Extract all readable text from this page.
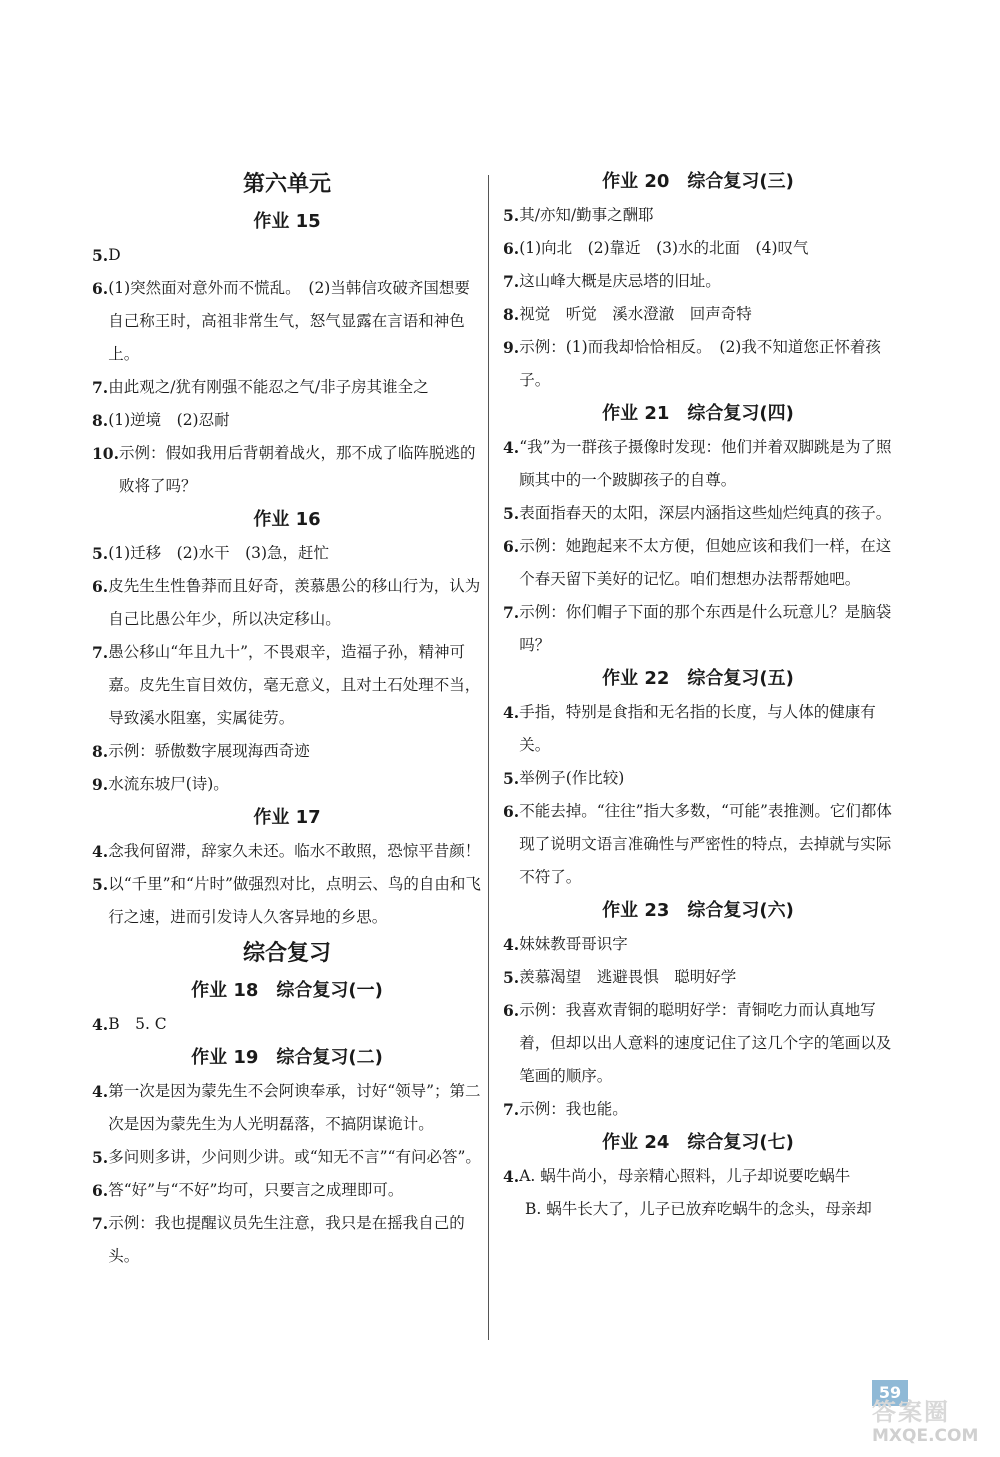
第六单元
作业 15
5. D
6. (1)突然面对意外而不慌乱。　(2)当韩信攻破齐国想要自己称王时，高祖非常生气，怒气显露在言语和神色上。
7. 由此观之/犹有刚强不能忍之气/非子房其谁全之
8. (1)逆境　(2)忍耐
10. 示例：假如我用后背朝着战火，那不成了临阵脱逃的败将了吗？
作业 16
5. (1)迁移　(2)水干　(3)急，赶忙
6. 皮先生生性鲁莽而且好奇，羡慕愚公的移山行为，认为自己比愚公年少，所以决定移山。
7. 愚公移山“年且九十”，不畏艰辛，造福子孙，精神可嘉。皮先生盲目效仿，毫无意义，且对土石处理不当，导致溪水阻塞，实属徒劳。
8. 示例：骄傲数字展现海西奇迹
9. 水流东坡尸(诗)。
作业 17
4. 念我何留滞，辞家久未还。临水不敢照，恐惊平昔颜！
5. 以“千里”和“片时”做强烈对比，点明云、鸟的自由和飞行之速，进而引发诗人久客异地的乡思。
综合复习
作业 18　综合复习(一)
4. B　5. C
作业 19　综合复习(二)
4. 第一次是因为蒙先生不会阿谀奉承，讨好“领导”；第二次是因为蒙先生为人光明磊落，不搞阴谋诡计。
5. 多问则多讲，少问则少讲。或“知无不言”“有问必答”。
6. 答“好”与“不好”均可，只要言之成理即可。
7. 示例：我也提醒议员先生注意，我只是在摇我自己的头。
作业 20　综合复习(三)
5. 其/亦知/勤事之酬耶
6. (1)向北　(2)靠近　(3)水的北面　(4)叹气
7. 这山峰大概是庆忌塔的旧址。
8. 视觉　听觉　溪水澄澈　回声奇特
9. 示例：(1)而我却恰恰相反。　(2)我不知道您正怀着孩子。
作业 21　综合复习(四)
4. “我”为一群孩子摄像时发现：他们并着双脚跳是为了照顾其中的一个跛脚孩子的自尊。
5. 表面指春天的太阳，深层内涵指这些灿烂纯真的孩子。
6. 示例：她跑起来不太方便，但她应该和我们一样，在这个春天留下美好的记忆。咱们想想办法帮帮她吧。
7. 示例：你们帽子下面的那个东西是什么玩意儿？是脑袋吗？
作业 22　综合复习(五)
4. 手指，特别是食指和无名指的长度，与人体的健康有关。
5. 举例子(作比较)
6. 不能去掉。“往往”指大多数，“可能”表推测。它们都体现了说明文语言准确性与严密性的特点，去掉就与实际不符了。
作业 23　综合复习(六)
4. 妹妹教哥哥识字
5. 羡慕渴望　逃避畏惧　聪明好学
6. 示例：我喜欢青铜的聪明好学：青铜吃力而认真地写着，但却以出人意料的速度记住了这几个字的笔画以及笔画的顺序。
7. 示例：我也能。
作业 24　综合复习(七)
4. A. 蜗牛尚小，母亲精心照料，儿子却说要吃蜗牛
B. 蜗牛长大了，儿子已放弃吃蜗牛的念头，母亲却
59
答案圈
MXQE.COM
